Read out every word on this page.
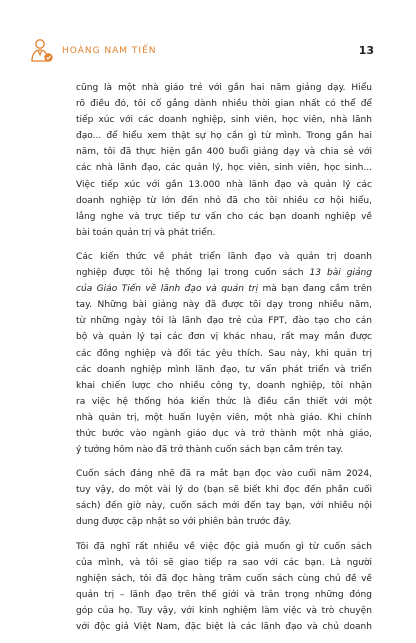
HOÀNG NAM TIẾN	13

cũng là một nhà giáo trẻ với gần hai năm giảng dạy. Hiểu
rõ điều đó, tôi cố gắng dành nhiều thời gian nhất có thể để
tiếp xúc với các doanh nghiệp, sinh viên, học viên, nhà lãnh
đạo... để hiểu xem thật sự họ cần gì từ mình. Trong gần hai
năm, tôi đã thực hiện gần 400 buổi giảng dạy và chia sẻ với
các nhà lãnh đạo, các quản lý, học viên, sinh viên, học sinh...
Việc tiếp xúc với gần 13.000 nhà lãnh đạo và quản lý các
doanh nghiệp từ lớn đến nhỏ đã cho tôi nhiều cơ hội hiểu,
lắng nghe và trực tiếp tư vấn cho các bạn doanh nghiệp về
bài toán quản trị và phát triển.

Các kiến thức về phát triển lãnh đạo và quản trị doanh
nghiệp được tôi hệ thống lại trong cuốn sách 13 bài giảng
của Giáo Tiến về lãnh đạo và quản trị mà bạn đang cầm trên
tay. Những bài giảng này đã được tôi dạy trong nhiều năm,
từ những ngày tôi là lãnh đạo trẻ của FPT, đào tạo cho cán
bộ và quản lý tại các đơn vị khác nhau, rất may mắn được
các đồng nghiệp và đối tác yêu thích. Sau này, khi quản trị
các doanh nghiệp mình lãnh đạo, tư vấn phát triển và triển
khai chiến lược cho nhiều công ty, doanh nghiệp, tôi nhận
ra việc hệ thống hóa kiến thức là điều cần thiết với một
nhà quản trị, một huấn luyện viên, một nhà giáo. Khi chính
thức bước vào ngành giáo dục và trở thành một nhà giáo,
ý tưởng hôm nào đã trở thành cuốn sách bạn cầm trên tay.

Cuốn sách đáng nhẽ đã ra mắt bạn đọc vào cuối năm 2024,
tuy vậy, do một vài lý do (bạn sẽ biết khi đọc đến phần cuối
sách) đến giờ này, cuốn sách mới đến tay bạn, với nhiều nội
dung được cập nhật so với phiên bản trước đây.

Tôi đã nghĩ rất nhiều về việc độc giả muốn gì từ cuốn sách
của mình, và tôi sẽ giao tiếp ra sao với các bạn. Là người
nghiện sách, tôi đã đọc hàng trăm cuốn sách cùng chủ đề về
quản trị – lãnh đạo trên thế giới và trân trọng những đóng
góp của họ. Tuy vậy, với kinh nghiệm làm việc và trò chuyện
với độc giả Việt Nam, đặc biệt là các lãnh đạo và chủ doanh
